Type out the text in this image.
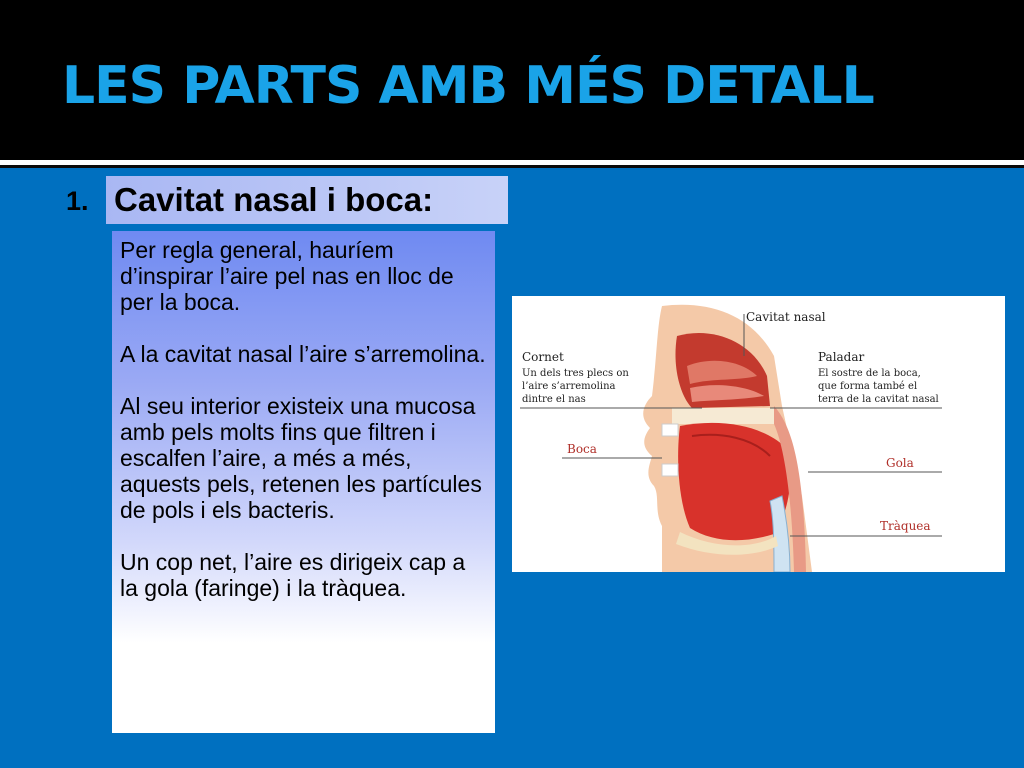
LES PARTS AMB MÉS DETALL
1. Cavitat nasal i boca:

Per regla general, hauríem d’inspirar l’aire pel nas en lloc de per la boca.

A la cavitat nasal l’aire s’arremolina.

Al seu interior existeix una mucosa amb pels molts fins que filtren i escalfen l’aire, a més a més, aquests pels, retenen les partícules de pols i els bacteris.

Un cop net, l’aire es dirigeix cap a la gola (faringe) i la tràquea.

Cavitat nasal
Cornet
Un dels tres plecs on
l’aire s’arremolina
dintre el nas
Paladar
El sostre de la boca,
que forma també el
terra de la cavitat nasal
Boca
Gola
Tràquea
